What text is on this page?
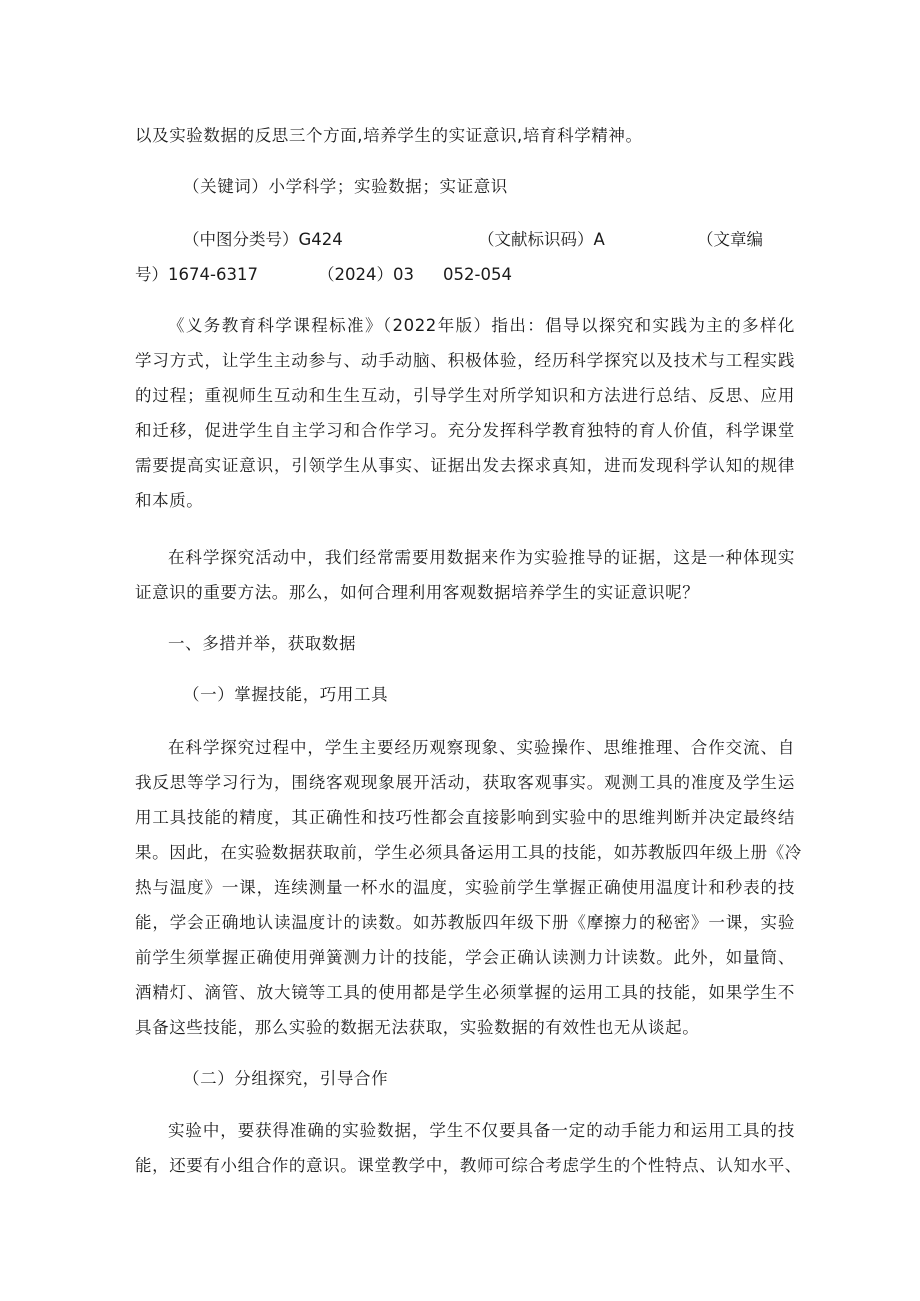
以及实验数据的反思三个方面,培养学生的实证意识,培育科学精神。
（关键词）小学科学；实验数据；实证意识
（中图分类号）G424	（文献标识码）A	（文章编
号）1674-6317	（2024）03 052-054
《义务教育科学课程标准》（2022年版）指出：倡导以探究和实践为主的多样化
学习方式，让学生主动参与、动手动脑、积极体验，经历科学探究以及技术与工程实践
的过程；重视师生互动和生生互动，引导学生对所学知识和方法进行总结、反思、应用
和迁移，促进学生自主学习和合作学习。充分发挥科学教育独特的育人价值，科学课堂
需要提高实证意识，引领学生从事实、证据出发去探求真知，进而发现科学认知的规律
和本质。
在科学探究活动中，我们经常需要用数据来作为实验推导的证据，这是一种体现实
证意识的重要方法。那么，如何合理利用客观数据培养学生的实证意识呢？
一、多措并举，获取数据
（一）掌握技能，巧用工具
在科学探究过程中，学生主要经历观察现象、实验操作、思维推理、合作交流、自
我反思等学习行为，围绕客观现象展开活动，获取客观事实。观测工具的准度及学生运
用工具技能的精度，其正确性和技巧性都会直接影响到实验中的思维判断并决定最终结
果。因此，在实验数据获取前，学生必须具备运用工具的技能，如苏教版四年级上册《冷
热与温度》一课，连续测量一杯水的温度，实验前学生掌握正确使用温度计和秒表的技
能，学会正确地认读温度计的读数。如苏教版四年级下册《摩擦力的秘密》一课，实验
前学生须掌握正确使用弹簧测力计的技能，学会正确认读测力计读数。此外，如量筒、
酒精灯、滴管、放大镜等工具的使用都是学生必须掌握的运用工具的技能，如果学生不
具备这些技能，那么实验的数据无法获取，实验数据的有效性也无从谈起。
（二）分组探究，引导合作
实验中，要获得准确的实验数据，学生不仅要具备一定的动手能力和运用工具的技
能，还要有小组合作的意识。课堂教学中，教师可综合考虑学生的个性特点、认知水平、
